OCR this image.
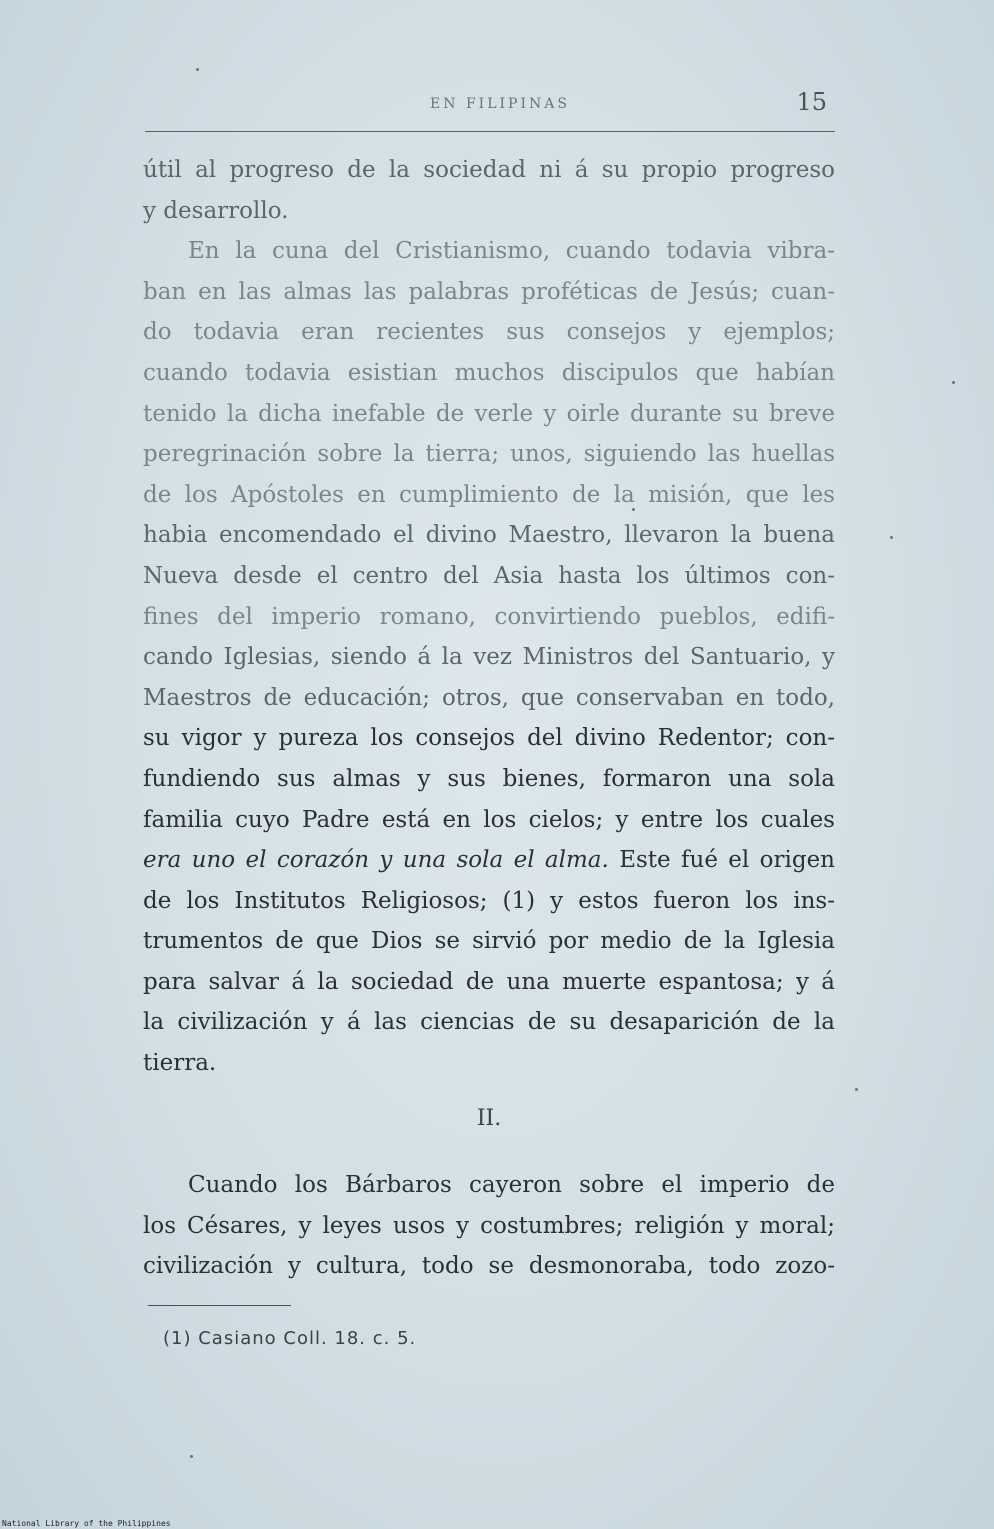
EN FILIPINAS	15
útil al progreso de la sociedad ni á su propio progreso
y desarrollo.
En la cuna del Cristianismo, cuando todavia vibra-
ban en las almas las palabras proféticas de Jesús; cuan-
do todavia eran recientes sus consejos y ejemplos;
cuando todavia esistian muchos discipulos que habían
tenido la dicha inefable de verle y oirle durante su breve
peregrinación sobre la tierra; unos, siguiendo las huellas
de los Apóstoles en cumplimiento de la misión, que les
habia encomendado el divino Maestro, llevaron la buena
Nueva desde el centro del Asia hasta los últimos con-
fines del imperio romano, convirtiendo pueblos, edifi-
cando Iglesias, siendo á la vez Ministros del Santuario, y
Maestros de educación; otros, que conservaban en todo,
su vigor y pureza los consejos del divino Redentor; con-
fundiendo sus almas y sus bienes, formaron una sola
familia cuyo Padre está en los cielos; y entre los cuales
era uno el corazón y una sola el alma. Este fué el origen
de los Institutos Religiosos; (1) y estos fueron los ins-
trumentos de que Dios se sirvió por medio de la Iglesia
para salvar á la sociedad de una muerte espantosa; y á
la civilización y á las ciencias de su desaparición de la
tierra.
II.
Cuando los Bárbaros cayeron sobre el imperio de
los Césares, y leyes usos y costumbres; religión y moral;
civilización y cultura, todo se desmonoraba, todo zozo-
(1) Casiano Coll. 18. c. 5.
National Library of the Philippines
